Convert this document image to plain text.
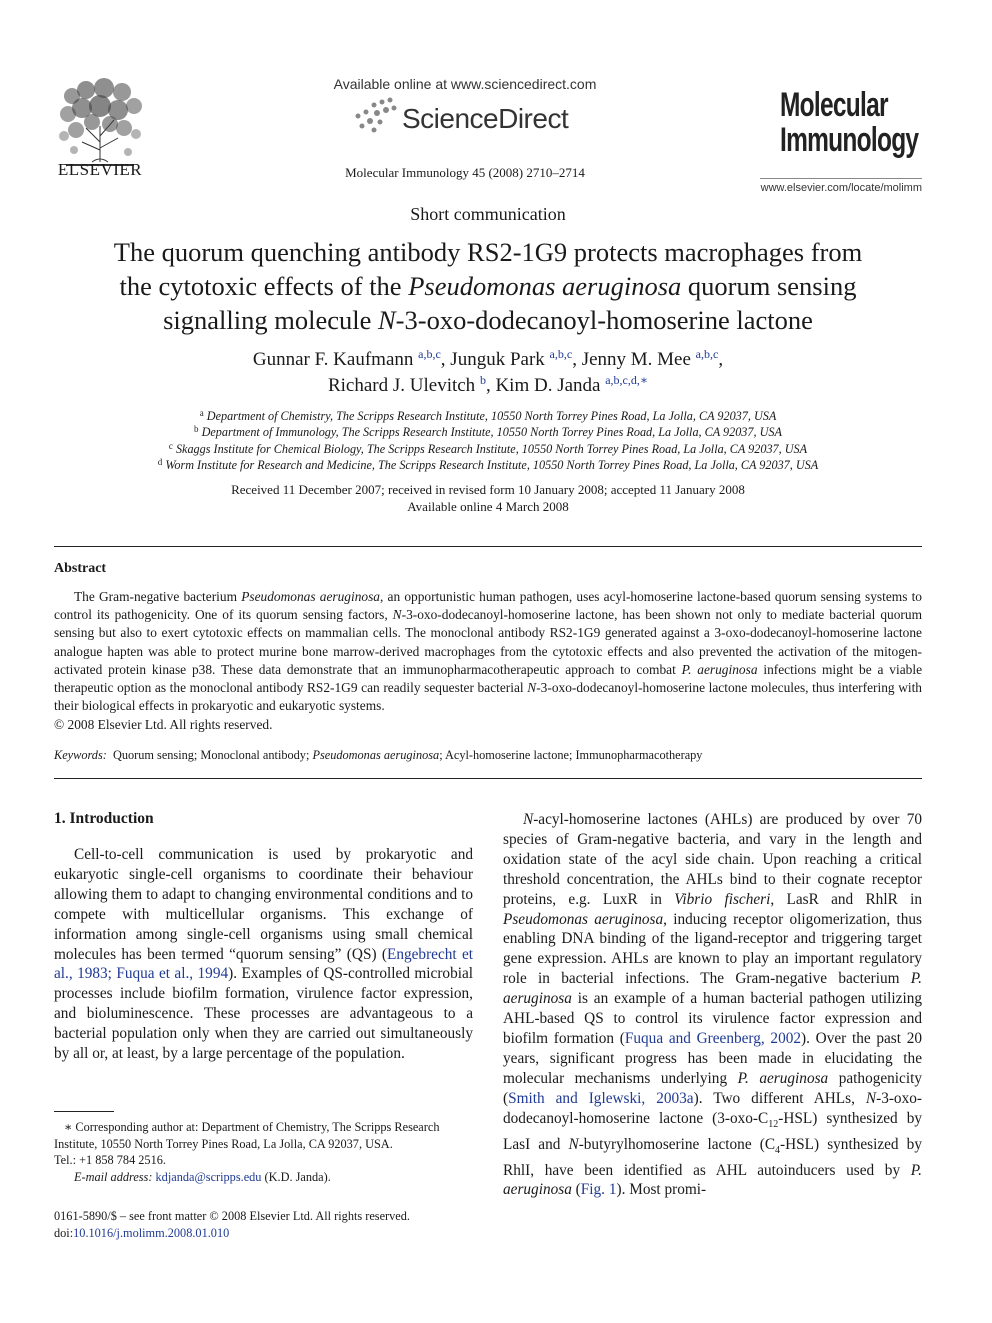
ELSEVIER
Available online at www.sciencedirect.com
ScienceDirect
Molecular Immunology 45 (2008) 2710–2714
Molecular
Immunology
www.elsevier.com/locate/molimm
Short communication
The quorum quenching antibody RS2-1G9 protects macrophages from
the cytotoxic effects of the Pseudomonas aeruginosa quorum sensing
signalling molecule N-3-oxo-dodecanoyl-homoserine lactone
Gunnar F. Kaufmann $^{a,b,c}$, Junguk Park $^{a,b,c}$, Jenny M. Mee $^{a,b,c}$,
Richard J. Ulevitch $^b$, Kim D. Janda $^{a,b,c,d,∗}$
$^a$ Department of Chemistry, The Scripps Research Institute, 10550 North Torrey Pines Road, La Jolla, CA 92037, USA
$^b$ Department of Immunology, The Scripps Research Institute, 10550 North Torrey Pines Road, La Jolla, CA 92037, USA
$^c$ Skaggs Institute for Chemical Biology, The Scripps Research Institute, 10550 North Torrey Pines Road, La Jolla, CA 92037, USA
$^d$ Worm Institute for Research and Medicine, The Scripps Research Institute, 10550 North Torrey Pines Road, La Jolla, CA 92037, USA
Received 11 December 2007; received in revised form 10 January 2008; accepted 11 January 2008
Available online 4 March 2008
Abstract
The Gram-negative bacterium Pseudomonas aeruginosa, an opportunistic human pathogen, uses acyl-homoserine lactone-based quorum sensing systems to control its pathogenicity. One of its quorum sensing factors, N-3-oxo-dodecanoyl-homoserine lactone, has been shown not only to mediate bacterial quorum sensing but also to exert cytotoxic effects on mammalian cells. The monoclonal antibody RS2-1G9 generated against a 3-oxo-dodecanoyl-homoserine lactone analogue hapten was able to protect murine bone marrow-derived macrophages from the cytotoxic effects and also prevented the activation of the mitogen-activated protein kinase p38. These data demonstrate that an immunopharmacotherapeutic approach to combat P. aeruginosa infections might be a viable therapeutic option as the monoclonal antibody RS2-1G9 can readily sequester bacterial N-3-oxo-dodecanoyl-homoserine lactone molecules, thus interfering with their biological effects in prokaryotic and eukaryotic systems.
© 2008 Elsevier Ltd. All rights reserved.
Keywords: Quorum sensing; Monoclonal antibody; Pseudomonas aeruginosa; Acyl-homoserine lactone; Immunopharmacotherapy
1. Introduction

Cell-to-cell communication is used by prokaryotic and eukaryotic single-cell organisms to coordinate their behaviour allowing them to adapt to changing environmental conditions and to compete with multicellular organisms. This exchange of information among single-cell organisms using small chemical molecules has been termed “quorum sensing” (QS) (Engebrecht et al., 1983; Fuqua et al., 1994). Examples of QS-controlled microbial processes include biofilm formation, virulence factor expression, and bioluminescence. These processes are advantageous to a bacterial population only when they are carried out simultaneously by all or, at least, by a large percentage of the population.

∗ Corresponding author at: Department of Chemistry, The Scripps Research Institute, 10550 North Torrey Pines Road, La Jolla, CA 92037, USA.
Tel.: +1 858 784 2516.
E-mail address: kdjanda@scripps.edu (K.D. Janda).
0161-5890/$ – see front matter © 2008 Elsevier Ltd. All rights reserved.
doi:10.1016/j.molimm.2008.01.010

N-acyl-homoserine lactones (AHLs) are produced by over 70 species of Gram-negative bacteria, and vary in the length and oxidation state of the acyl side chain. Upon reaching a critical threshold concentration, the AHLs bind to their cognate receptor proteins, e.g. LuxR in Vibrio fischeri, LasR and RhlR in Pseudomonas aeruginosa, inducing receptor oligomerization, thus enabling DNA binding of the ligand-receptor and triggering target gene expression. AHLs are known to play an important regulatory role in bacterial infections. The Gram-negative bacterium P. aeruginosa is an example of a human bacterial pathogen utilizing AHL-based QS to control its virulence factor expression and biofilm formation (Fuqua and Greenberg, 2002). Over the past 20 years, significant progress has been made in elucidating the molecular mechanisms underlying P. aeruginosa pathogenicity (Smith and Iglewski, 2003a). Two different AHLs, N-3-oxo-dodecanoyl-homoserine lactone $(3-oxo-C_{12}-HSL)$ synthesized by LasI and N-butyrylhomoserine lactone $(C_4-HSL)$ synthesized by RhlI, have been identified as AHL autoinducers used by P. aeruginosa (Fig. 1). Most promi-
